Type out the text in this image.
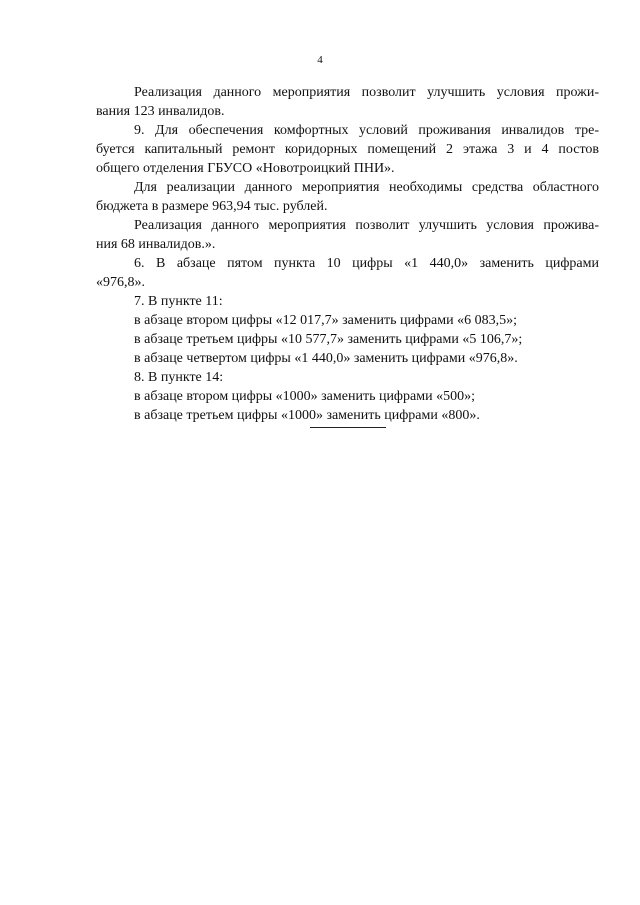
4
Реализация данного мероприятия позволит улучшить условия прожи-
вания 123 инвалидов.
9. Для обеспечения комфортных условий проживания инвалидов тре-
буется капитальный ремонт коридорных помещений 2 этажа 3 и 4 постов
общего отделения ГБУСО «Новотроицкий ПНИ».
Для реализации данного мероприятия необходимы средства областного
бюджета в размере 963,94 тыс. рублей.
Реализация данного мероприятия позволит улучшить условия прожива-
ния 68 инвалидов.».
6. В абзаце пятом пункта 10 цифры «1 440,0» заменить цифрами
«976,8».
7. В пункте 11:
в абзаце втором цифры «12 017,7» заменить цифрами «6 083,5»;
в абзаце третьем цифры «10 577,7» заменить цифрами «5 106,7»;
в абзаце четвертом цифры «1 440,0» заменить цифрами «976,8».
8. В пункте 14:
в абзаце втором цифры «1000» заменить цифрами «500»;
в абзаце третьем цифры «1000» заменить цифрами «800».
